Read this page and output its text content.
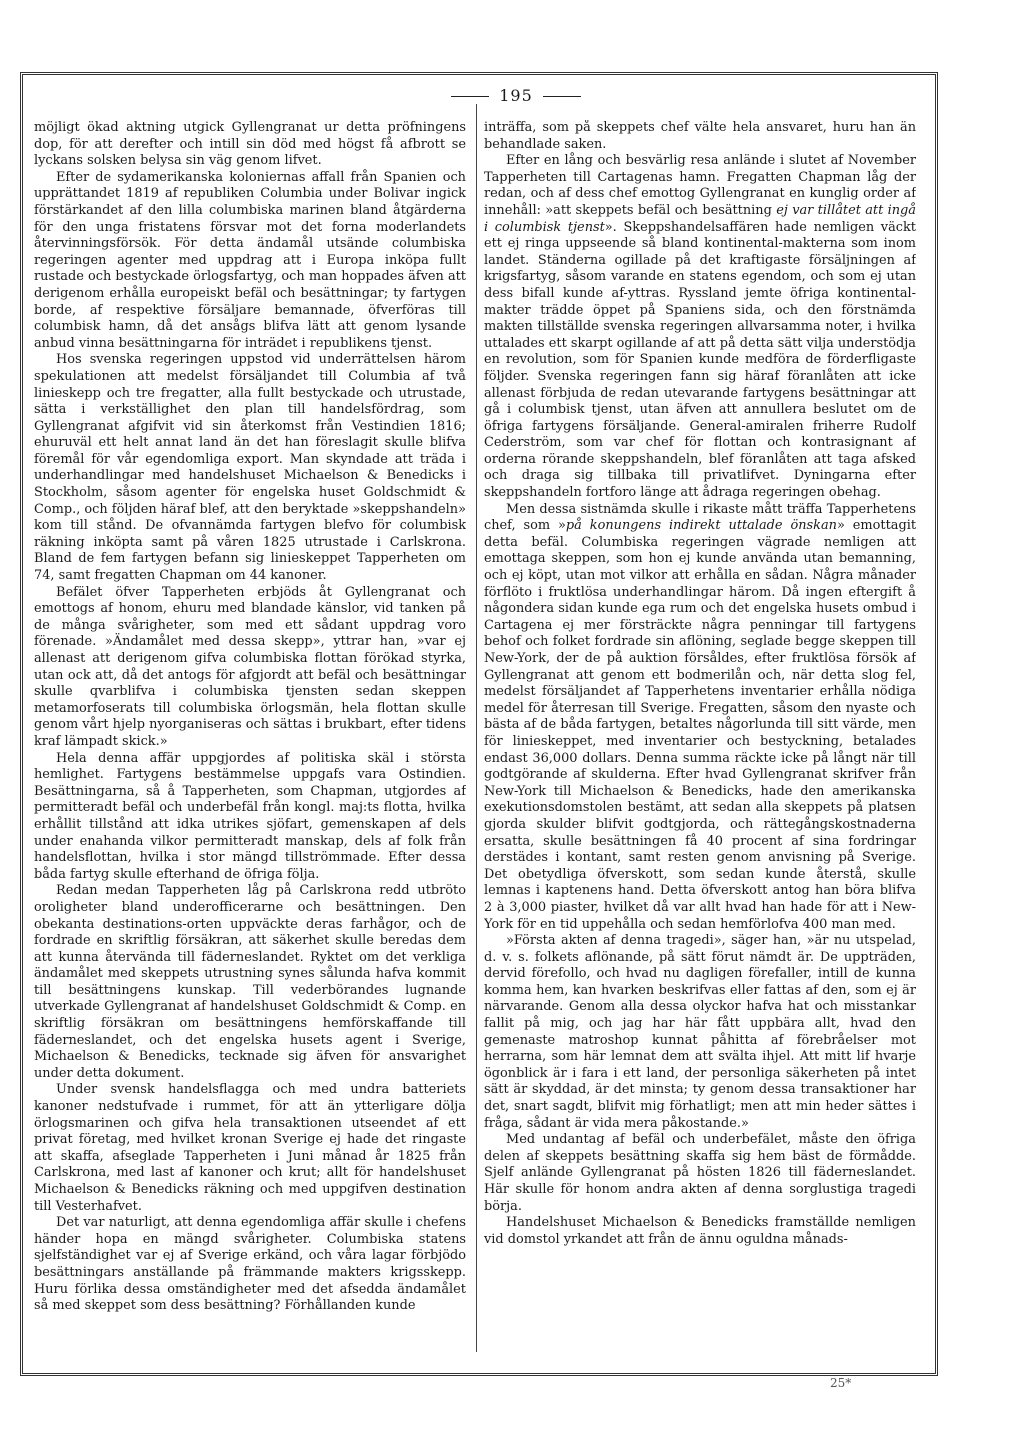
195

möjligt ökad aktning utgick Gyllengranat ur detta pröfningens dop, för att derefter och intill sin död med högst få afbrott se lyckans solsken belysa sin väg genom lifvet.

Efter de sydamerikanska koloniernas affall från Spanien och upprättandet 1819 af republiken Columbia under Bolivar ingick förstärkandet af den lilla columbiska marinen bland åtgärderna för den unga fristatens försvar mot det forna moderlandets återvinningsförsök. För detta ändamål utsände columbiska regeringen agenter med uppdrag att i Europa inköpa fullt rustade och bestyckade örlogsfartyg, och man hoppades äfven att derigenom erhålla europeiskt befäl och besättningar; ty fartygen borde, af respektive försäljare bemannade, öfverföras till columbisk hamn, då det ansågs blifva lätt att genom lysande anbud vinna besättningarna för inträdet i republikens tjenst.

Hos svenska regeringen uppstod vid underrättelsen härom spekulationen att medelst försäljandet till Columbia af två linieskepp och tre fregatter, alla fullt bestyckade och utrustade, sätta i verkställighet den plan till handelsfördrag, som Gyllengranat afgifvit vid sin återkomst från Vestindien 1816; ehuruväl ett helt annat land än det han föreslagit skulle blifva föremål för vår egendomliga export. Man skyndade att träda i underhandlingar med handelshuset Michaelson & Benedicks i Stockholm, såsom agenter för engelska huset Goldschmidt & Comp., och följden häraf blef, att den beryktade »skeppshandeln» kom till stånd. De ofvannämda fartygen blefvo för columbisk räkning inköpta samt på våren 1825 utrustade i Carlskrona. Bland de fem fartygen befann sig linieskeppet Tapperheten om 74, samt fregatten Chapman om 44 kanoner.

Befälet öfver Tapperheten erbjöds åt Gyllengranat och emottogs af honom, ehuru med blandade känslor, vid tanken på de många svårigheter, som med ett sådant uppdrag voro förenade. »Ändamålet med dessa skepp», yttrar han, »var ej allenast att derigenom gifva columbiska flottan förökad styrka, utan ock att, då det antogs för afgjordt att befäl och besättningar skulle qvarblifva i columbiska tjensten sedan skeppen metamorfoserats till columbiska örlogsmän, hela flottan skulle genom vårt hjelp nyorganiseras och sättas i brukbart, efter tidens kraf lämpadt skick.»

Hela denna affär uppgjordes af politiska skäl i största hemlighet. Fartygens bestämmelse uppgafs vara Ostindien. Besättningarna, så å Tapperheten, som Chapman, utgjordes af permitteradt befäl och underbefäl från kongl. maj:ts flotta, hvilka erhållit tillstånd att idka utrikes sjöfart, gemenskapen af dels under enahanda vilkor permitteradt manskap, dels af folk från handelsflottan, hvilka i stor mängd tillströmmade. Efter dessa båda fartyg skulle efterhand de öfriga följa.

Redan medan Tapperheten låg på Carlskrona redd utbröto oroligheter bland underofficerarne och besättningen. Den obekanta destinations-orten uppväckte deras farhågor, och de fordrade en skriftlig försäkran, att säkerhet skulle beredas dem att kunna återvända till fäderneslandet. Ryktet om det verkliga ändamålet med skeppets utrustning synes sålunda hafva kommit till besättningens kunskap. Till vederbörandes lugnande utverkade Gyllengranat af handelshuset Goldschmidt & Comp. en skriftlig försäkran om besättningens hemförskaffande till fäderneslandet, och det engelska husets agent i Sverige, Michaelson & Benedicks, tecknade sig äfven för ansvarighet under detta dokument.

Under svensk handelsflagga och med undra batteriets kanoner nedstufvade i rummet, för att än ytterligare dölja örlogsmarinen och gifva hela transaktionen utseendet af ett privat företag, med hvilket kronan Sverige ej hade det ringaste att skaffa, afseglade Tapperheten i Juni månad år 1825 från Carlskrona, med last af kanoner och krut; allt för handelshuset Michaelson & Benedicks räkning och med uppgifven destination till Vesterhafvet.

Det var naturligt, att denna egendomliga affär skulle i chefens händer hopa en mängd svårigheter. Columbiska statens sjelfständighet var ej af Sverige erkänd, och våra lagar förbjödo besättningars anställande på främmande makters krigsskepp. Huru förlika dessa omständigheter med det afsedda ändamålet så med skeppet som dess besättning? Förhållanden kunde

inträffa, som på skeppets chef välte hela ansvaret, huru han än behandlade saken.

Efter en lång och besvärlig resa anlände i slutet af November Tapperheten till Cartagenas hamn. Fregatten Chapman låg der redan, och af dess chef emottog Gyllengranat en kunglig order af innehåll: »att skeppets befäl och besättning ej var tillåtet att ingå i columbisk tjenst». Skeppshandelsaffären hade nemligen väckt ett ej ringa uppseende så bland kontinental-makterna som inom landet. Ständerna ogillade på det kraftigaste försäljningen af krigsfartyg, såsom varande en statens egendom, och som ej utan dess bifall kunde af-yttras. Ryssland jemte öfriga kontinental-makter trädde öppet på Spaniens sida, och den förstnämda makten tillställde svenska regeringen allvarsamma noter, i hvilka uttalades ett skarpt ogillande af att på detta sätt vilja understödja en revolution, som för Spanien kunde medföra de förderfligaste följder. Svenska regeringen fann sig häraf föranlåten att icke allenast förbjuda de redan utevarande fartygens besättningar att gå i columbisk tjenst, utan äfven att annullera beslutet om de öfriga fartygens försäljande. General-amiralen friherre Rudolf Cederström, som var chef för flottan och kontrasignant af orderna rörande skeppshandeln, blef föranlåten att taga afsked och draga sig tillbaka till privatlifvet. Dyningarna efter skeppshandeln fortforo länge att ådraga regeringen obehag.

Men dessa sistnämda skulle i rikaste mått träffa Tapperhetens chef, som »på konungens indirekt uttalade önskan» emottagit detta befäl. Columbiska regeringen vägrade nemligen att emottaga skeppen, som hon ej kunde använda utan bemanning, och ej köpt, utan mot vilkor att erhålla en sådan. Några månader förflöto i fruktlösa underhandlingar härom. Då ingen eftergift å någondera sidan kunde ega rum och det engelska husets ombud i Cartagena ej mer försträckte några penningar till fartygens behof och folket fordrade sin aflöning, seglade begge skeppen till New-York, der de på auktion försåldes, efter fruktlösa försök af Gyllengranat att genom ett bodmerilån och, när detta slog fel, medelst försäljandet af Tapperhetens inventarier erhålla nödiga medel för återresan till Sverige. Fregatten, såsom den nyaste och bästa af de båda fartygen, betaltes någorlunda till sitt värde, men för linieskeppet, med inventarier och bestyckning, betalades endast 36,000 dollars. Denna summa räckte icke på långt när till godtgörande af skulderna. Efter hvad Gyllengranat skrifver från New-York till Michaelson & Benedicks, hade den amerikanska exekutionsdomstolen bestämt, att sedan alla skeppets på platsen gjorda skulder blifvit godtgjorda, och rättegångskostnaderna ersatta, skulle besättningen få 40 procent af sina fordringar derstädes i kontant, samt resten genom anvisning på Sverige. Det obetydliga öfverskott, som sedan kunde återstå, skulle lemnas i kaptenens hand. Detta öfverskott antog han böra blifva 2 à 3,000 piaster, hvilket då var allt hvad han hade för att i New-York för en tid uppehålla och sedan hemförlofva 400 man med.

»Första akten af denna tragedi», säger han, »är nu utspelad, d. v. s. folkets aflönande, på sätt förut nämdt är. De uppträden, dervid förefollo, och hvad nu dagligen förefaller, intill de kunna komma hem, kan hvarken beskrifvas eller fattas af den, som ej är närvarande. Genom alla dessa olyckor hafva hat och misstankar fallit på mig, och jag har här fått uppbära allt, hvad den gemenaste matroshop kunnat påhitta af förebråelser mot herrarna, som här lemnat dem att svälta ihjel. Att mitt lif hvarje ögonblick är i fara i ett land, der personliga säkerheten på intet sätt är skyddad, är det minsta; ty genom dessa transaktioner har det, snart sagdt, blifvit mig förhatligt; men att min heder sättes i fråga, sådant är vida mera påkostande.»

Med undantag af befäl och underbefälet, måste den öfriga delen af skeppets besättning skaffa sig hem bäst de förmådde. Sjelf anlände Gyllengranat på hösten 1826 till fäderneslandet. Här skulle för honom andra akten af denna sorglustiga tragedi börja.

Handelshuset Michaelson & Benedicks framställde nemligen vid domstol yrkandet att från de ännu oguldna månads-

25*
